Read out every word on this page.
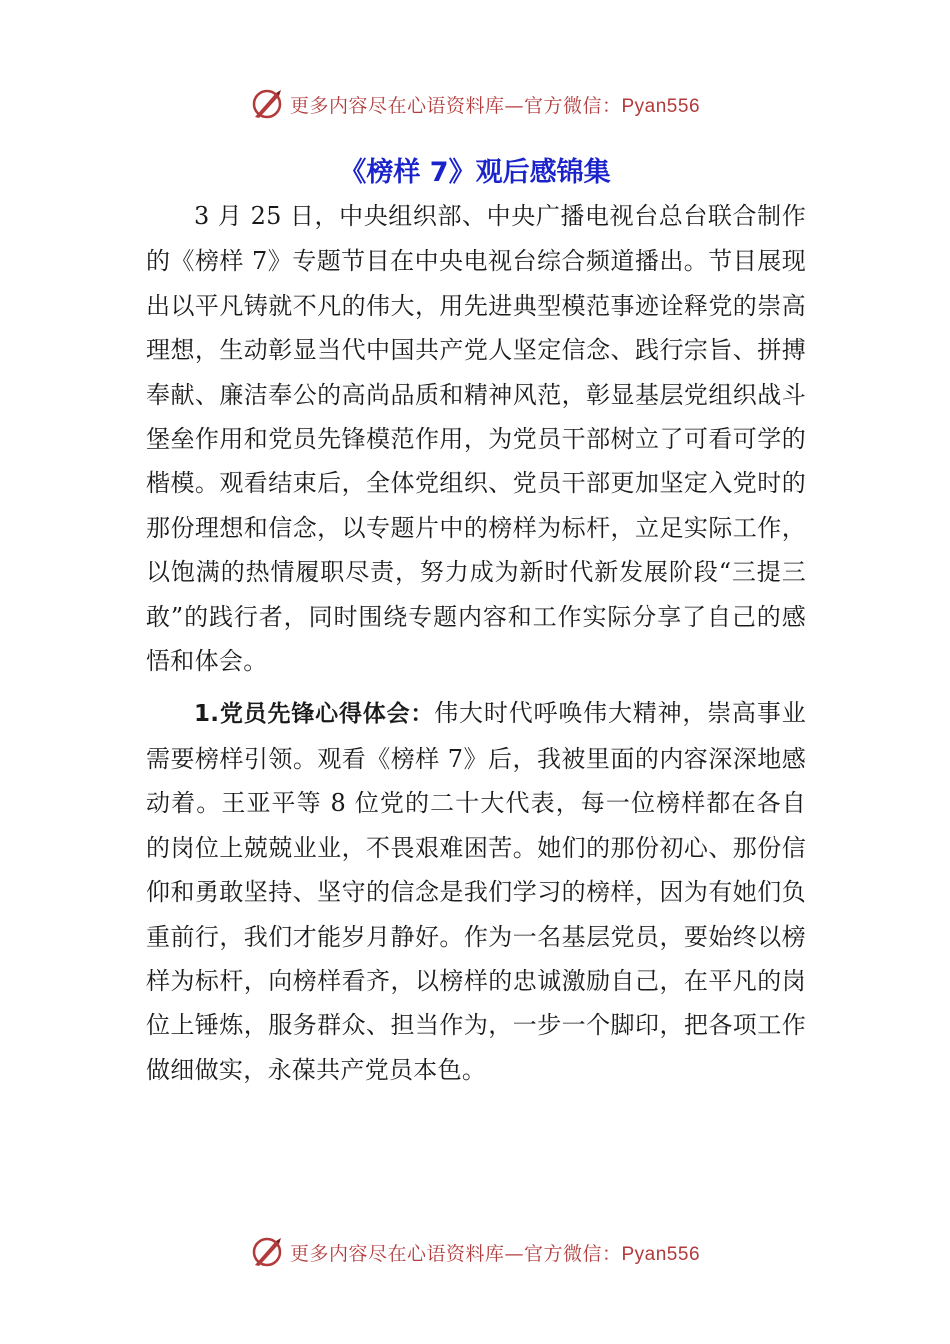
更多内容尽在心语资料库—官方微信：Pyan556
《榜样 7》观后感锦集

3 月 25 日，中央组织部、中央广播电视台总台联合制作的《榜样 7》专题节目在中央电视台综合频道播出。节目展现出以平凡铸就不凡的伟大，用先进典型模范事迹诠释党的崇高理想，生动彰显当代中国共产党人坚定信念、践行宗旨、拼搏奉献、廉洁奉公的高尚品质和精神风范，彰显基层党组织战斗堡垒作用和党员先锋模范作用，为党员干部树立了可看可学的楷模。观看结束后，全体党组织、党员干部更加坚定入党时的那份理想和信念，以专题片中的榜样为标杆，立足实际工作，以饱满的热情履职尽责，努力成为新时代新发展阶段“三提三敢”的践行者，同时围绕专题内容和工作实际分享了自己的感悟和体会。

1.党员先锋心得体会：伟大时代呼唤伟大精神，崇高事业需要榜样引领。观看《榜样 7》后，我被里面的内容深深地感动着。王亚平等 8 位党的二十大代表，每一位榜样都在各自的岗位上兢兢业业，不畏艰难困苦。她们的那份初心、那份信仰和勇敢坚持、坚守的信念是我们学习的榜样，因为有她们负重前行，我们才能岁月静好。作为一名基层党员，要始终以榜样为标杆，向榜样看齐，以榜样的忠诚激励自己，在平凡的岗位上锤炼，服务群众、担当作为，一步一个脚印，把各项工作做细做实，永葆共产党员本色。

更多内容尽在心语资料库—官方微信：Pyan556
